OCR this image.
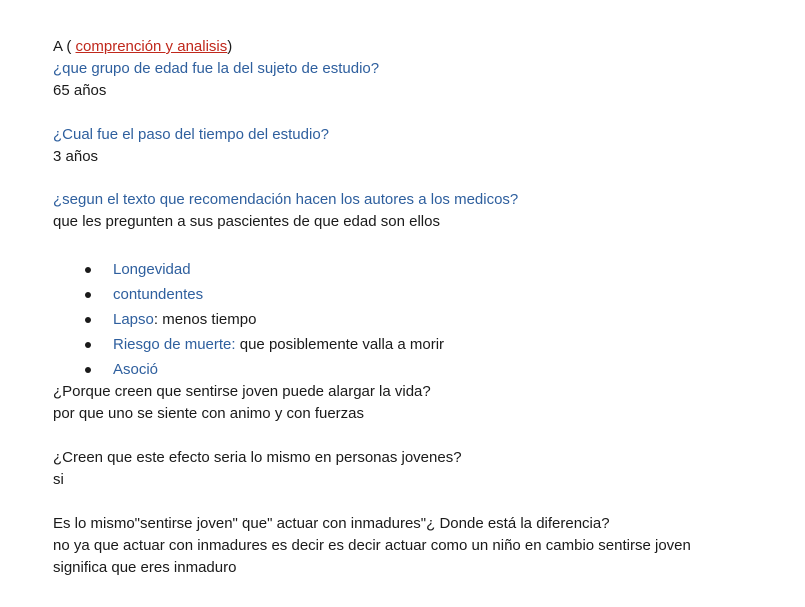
A ( comprención y analisis)
¿que grupo de edad fue la del sujeto de estudio?
65 años
¿Cual fue el paso del tiempo del estudio?
3 años
¿segun el texto que recomendación hacen los autores a los medicos?
que les pregunten a sus pascientes de que edad son ellos
Longevidad
contundentes
Lapso: menos tiempo
Riesgo de muerte: que posiblemente valla a morir
Asoció
¿Porque creen que sentirse joven puede alargar la vida?
por que uno se siente con animo y con fuerzas
¿Creen que este efecto seria lo mismo en personas jovenes?
si
Es lo mismo"sentirse joven" que" actuar con inmadures"¿ Donde está la diferencia?
no ya que actuar con inmadures es decir es decir actuar como un niño en cambio sentirse joven
significa que eres inmaduro
